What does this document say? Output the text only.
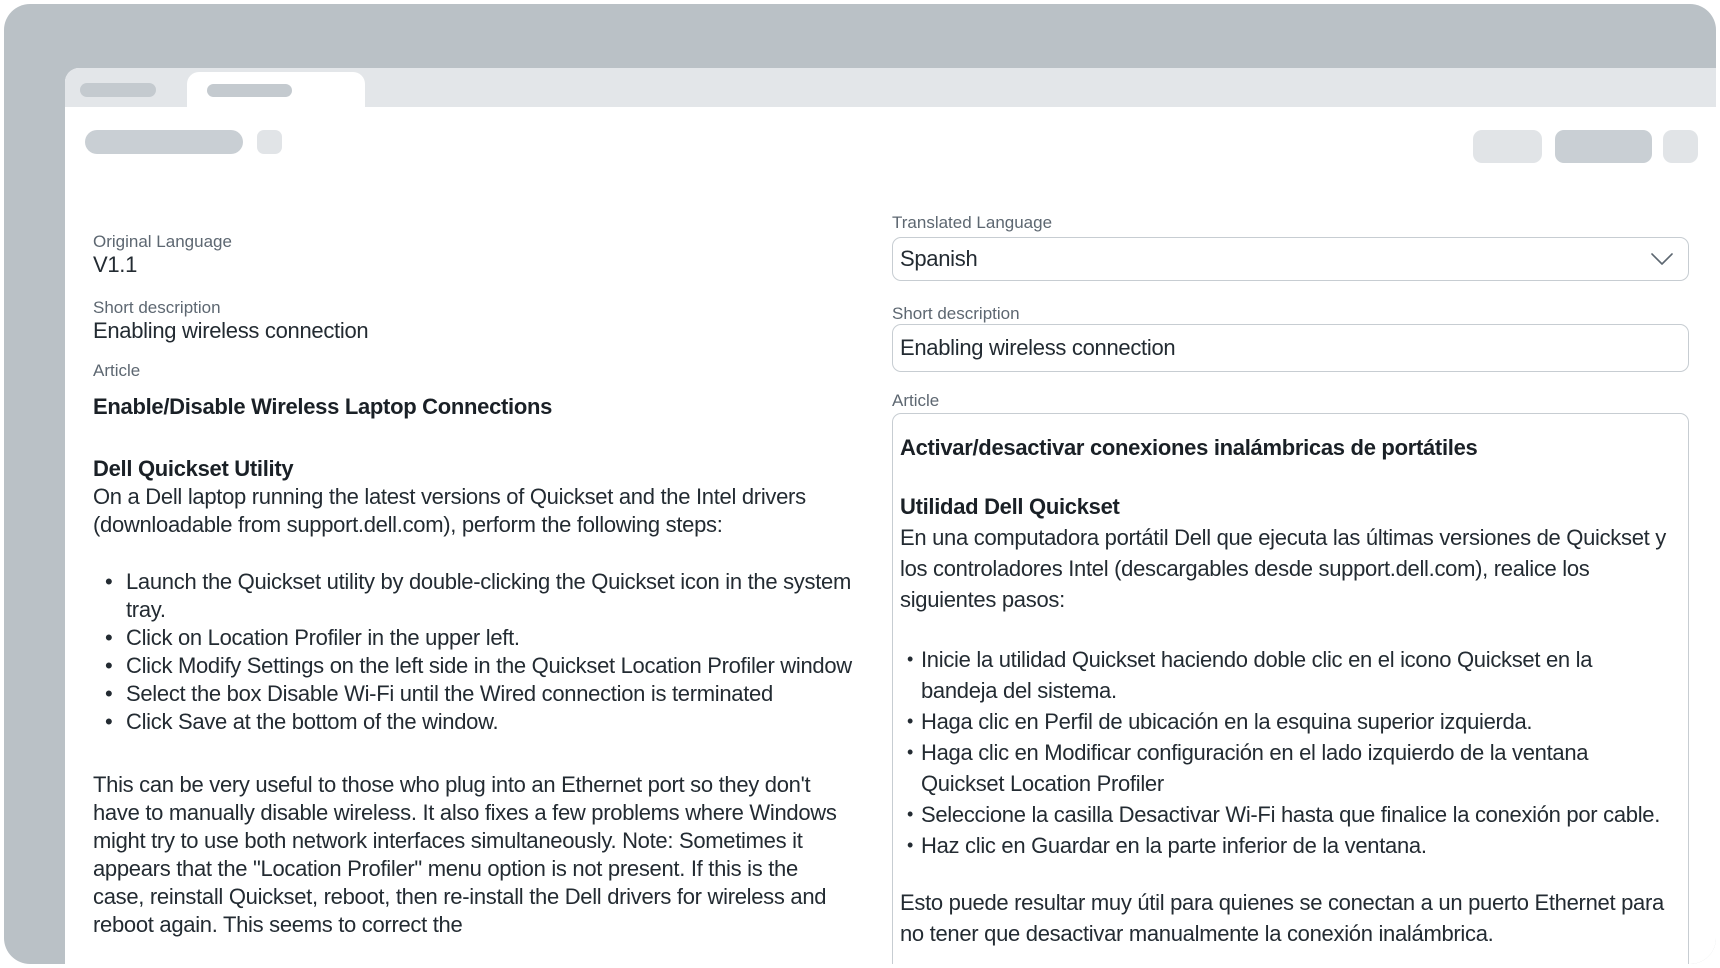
Original Language
V1.1
Short description
Enabling wireless connection
Article

Enable/Disable Wireless Laptop Connections

Dell Quickset Utility
On a Dell laptop running the latest versions of Quickset and the Intel drivers (downloadable from support.dell.com), perform the following steps:

• Launch the Quickset utility by double-clicking the Quickset icon in the system tray.
• Click on Location Profiler in the upper left.
• Click Modify Settings on the left side in the Quickset Location Profiler window
• Select the box Disable Wi-Fi until the Wired connection is terminated
• Click Save at the bottom of the window.

This can be very useful to those who plug into an Ethernet port so they don't have to manually disable wireless. It also fixes a few problems where Windows might try to use both network interfaces simultaneously. Note: Sometimes it appears that the "Location Profiler" menu option is not present. If this is the case, reinstall Quickset, reboot, then re-install the Dell drivers for wireless and reboot again. This seems to correct the

Translated Language
Spanish
Short description
Enabling wireless connection
Article

Activar/desactivar conexiones inalámbricas de portátiles

Utilidad Dell Quickset
En una computadora portátil Dell que ejecuta las últimas versiones de Quickset y los controladores Intel (descargables desde support.dell.com), realice los siguientes pasos:

• Inicie la utilidad Quickset haciendo doble clic en el icono Quickset en la bandeja del sistema.
• Haga clic en Perfil de ubicación en la esquina superior izquierda.
• Haga clic en Modificar configuración en el lado izquierdo de la ventana Quickset Location Profiler
• Seleccione la casilla Desactivar Wi-Fi hasta que finalice la conexión por cable.
• Haz clic en Guardar en la parte inferior de la ventana.

Esto puede resultar muy útil para quienes se conectan a un puerto Ethernet para no tener que desactivar manualmente la conexión inalámbrica.
